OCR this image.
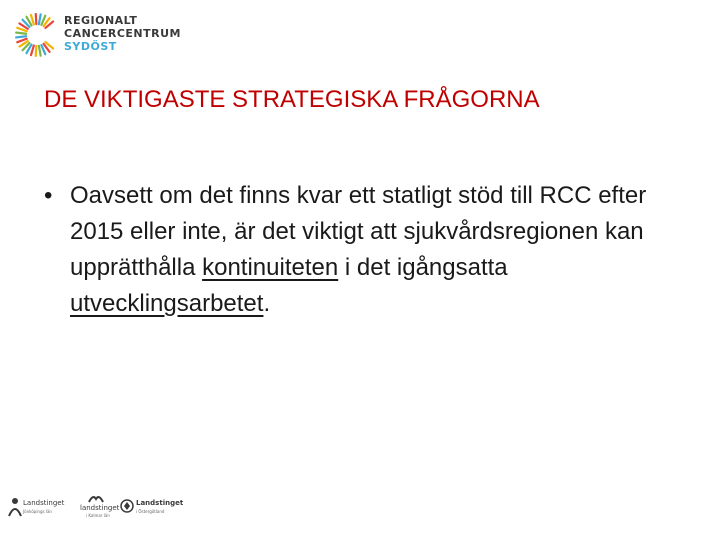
REGIONALT
CANCERCENTRUM
SYDÖST
DE VIKTIGASTE STRATEGISKA FRÅGORNA
• Oavsett om det finns kvar ett statligt stöd till RCC efter 2015 eller inte, är det viktigt att sjukvårdsregionen kan upprätthålla kontinuiteten i det igångsatta utvecklingsarbetet.
Landstinget
Jönköpings län	landstinget
i Kalmar län
Landstinget
i Östergötland
